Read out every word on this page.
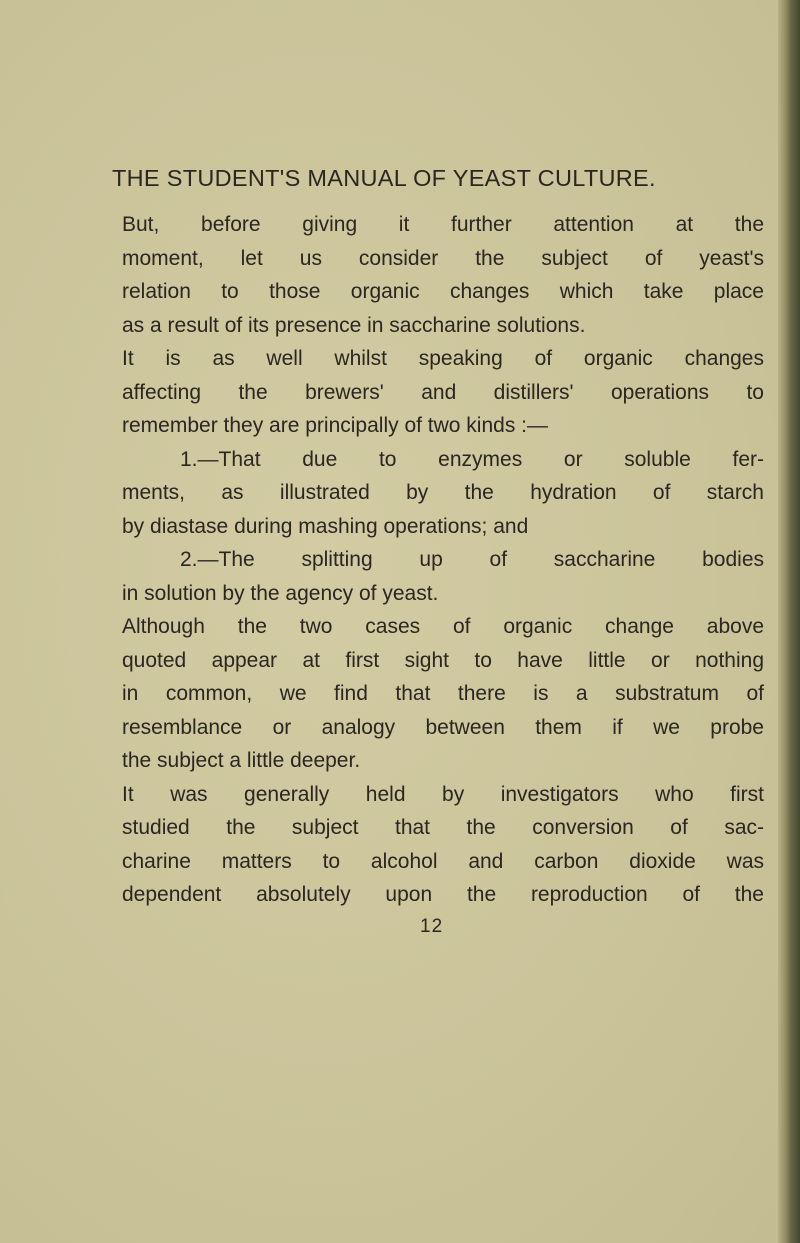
THE STUDENT'S MANUAL OF YEAST CULTURE.
But, before giving it further attention at the
moment, let us consider the subject of yeast's
relation to those organic changes which take place
as a result of its presence in saccharine solutions.
It is as well whilst speaking of organic changes
affecting the brewers' and distillers' operations to
remember they are principally of two kinds :—
1.—That due to enzymes or soluble fer-
ments, as illustrated by the hydration of starch
by diastase during mashing operations; and
2.—The splitting up of saccharine bodies
in solution by the agency of yeast.
Although the two cases of organic change above
quoted appear at first sight to have little or nothing
in common, we find that there is a substratum of
resemblance or analogy between them if we probe
the subject a little deeper.
It was generally held by investigators who first
studied the subject that the conversion of sac-
charine matters to alcohol and carbon dioxide was
dependent absolutely upon the reproduction of the
12
